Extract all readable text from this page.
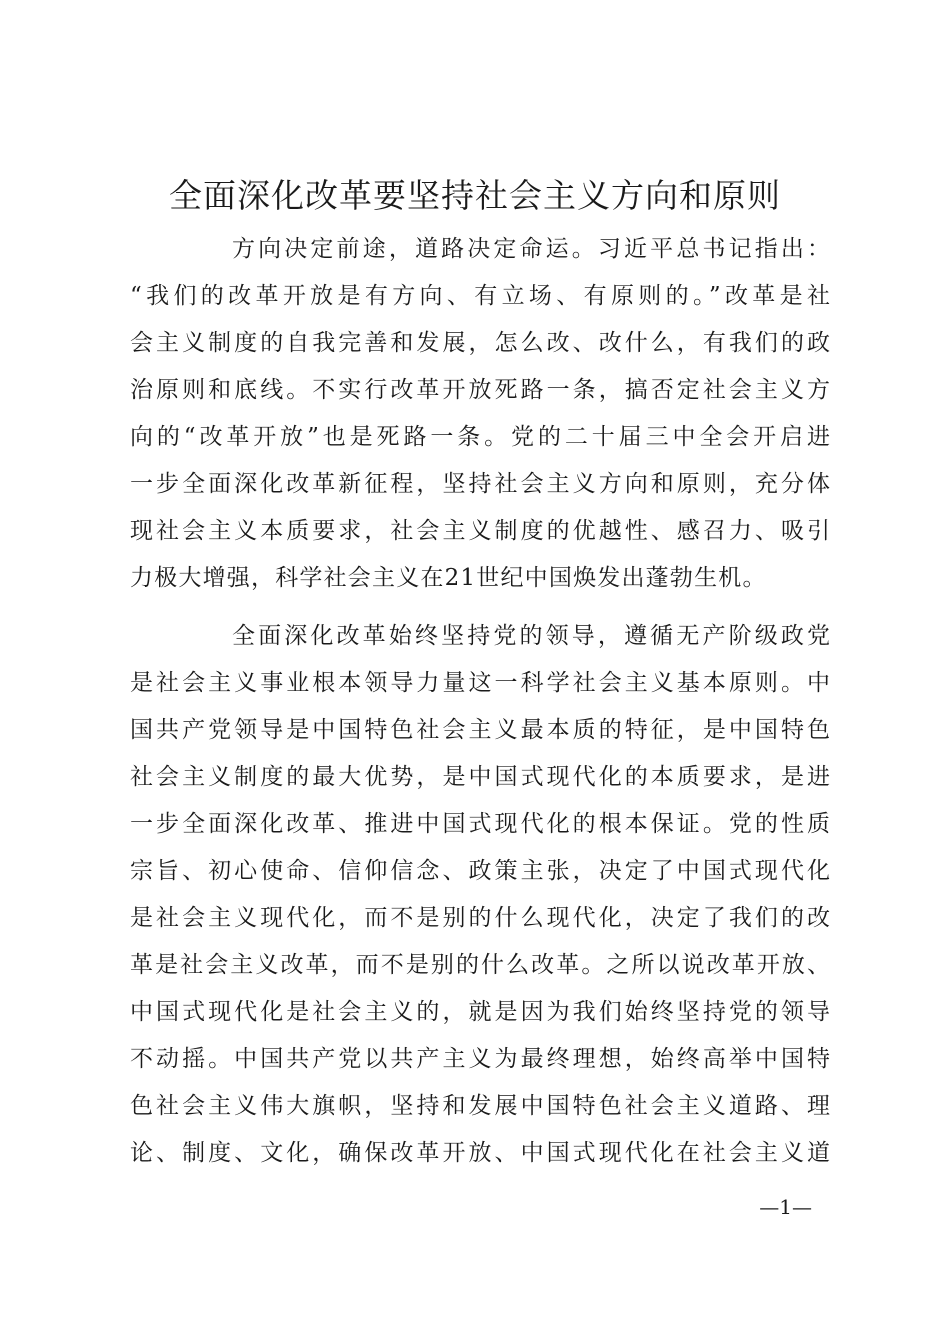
全面深化改革要坚持社会主义方向和原则
方向决定前途，道路决定命运。习近平总书记指出：
“我们的改革开放是有方向、有立场、有原则的。”改革是社
会主义制度的自我完善和发展，怎么改、改什么，有我们的政
治原则和底线。不实行改革开放死路一条，搞否定社会主义方
向的“改革开放”也是死路一条。党的二十届三中全会开启进
一步全面深化改革新征程，坚持社会主义方向和原则，充分体
现社会主义本质要求，社会主义制度的优越性、感召力、吸引
力极大增强，科学社会主义在21世纪中国焕发出蓬勃生机。
全面深化改革始终坚持党的领导，遵循无产阶级政党
是社会主义事业根本领导力量这一科学社会主义基本原则。中
国共产党领导是中国特色社会主义最本质的特征，是中国特色
社会主义制度的最大优势，是中国式现代化的本质要求，是进
一步全面深化改革、推进中国式现代化的根本保证。党的性质
宗旨、初心使命、信仰信念、政策主张，决定了中国式现代化
是社会主义现代化，而不是别的什么现代化，决定了我们的改
革是社会主义改革，而不是别的什么改革。之所以说改革开放、
中国式现代化是社会主义的，就是因为我们始终坚持党的领导
不动摇。中国共产党以共产主义为最终理想，始终高举中国特
色社会主义伟大旗帜，坚持和发展中国特色社会主义道路、理
论、制度、文化，确保改革开放、中国式现代化在社会主义道
—1—
